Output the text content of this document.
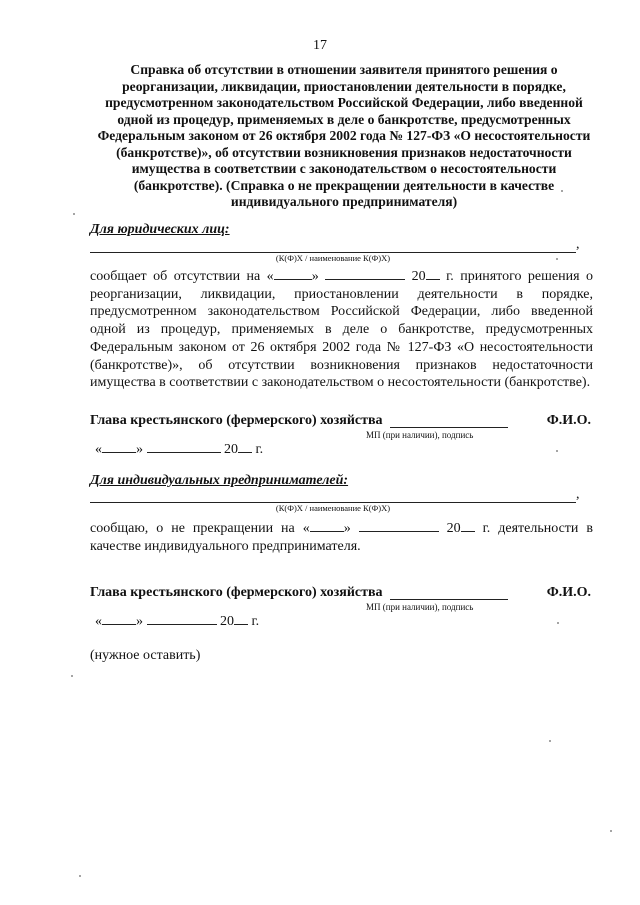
17
Справка об отсутствии в отношении заявителя принятого решения о реорганизации, ликвидации, приостановлении деятельности в порядке, предусмотренном законодательством Российской Федерации, либо введенной одной из процедур, применяемых в деле о банкротстве, предусмотренных Федеральным законом от 26 октября 2002 года № 127-ФЗ «О несостоятельности (банкротстве)», об отсутствии возникновения признаков недостаточности имущества в соответствии с законодательством о несостоятельности (банкротстве). (Справка о не прекращении деятельности в качестве индивидуального предпринимателя)
Для юридических лиц:
,
(К(Ф)Х / наименование К(Ф)Х)
сообщает об отсутствии на «	»	20 г. принятого решения о реорганизации, ликвидации, приостановлении деятельности в порядке, предусмотренном законодательством Российской Федерации, либо введенной одной из процедур, применяемых в деле о банкротстве, предусмотренных Федеральным законом от 26 октября 2002 года № 127-ФЗ «О несостоятельности (банкротстве)», об отсутствии возникновения признаков недостаточности имущества в соответствии с законодательством о несостоятельности (банкротстве).
Глава крестьянского (фермерского) хозяйства	Ф.И.О.
МП (при наличии), подпись
« »	20 г.
Для индивидуальных предпринимателей:
,
(К(Ф)Х / наименование К(Ф)Х)
сообщаю, о не прекращении на « »	20 г. деятельности в качестве индивидуального предпринимателя.
Глава крестьянского (фермерского) хозяйства	Ф.И.О.
МП (при наличии), подпись
« »	20 г.
(нужное оставить)
